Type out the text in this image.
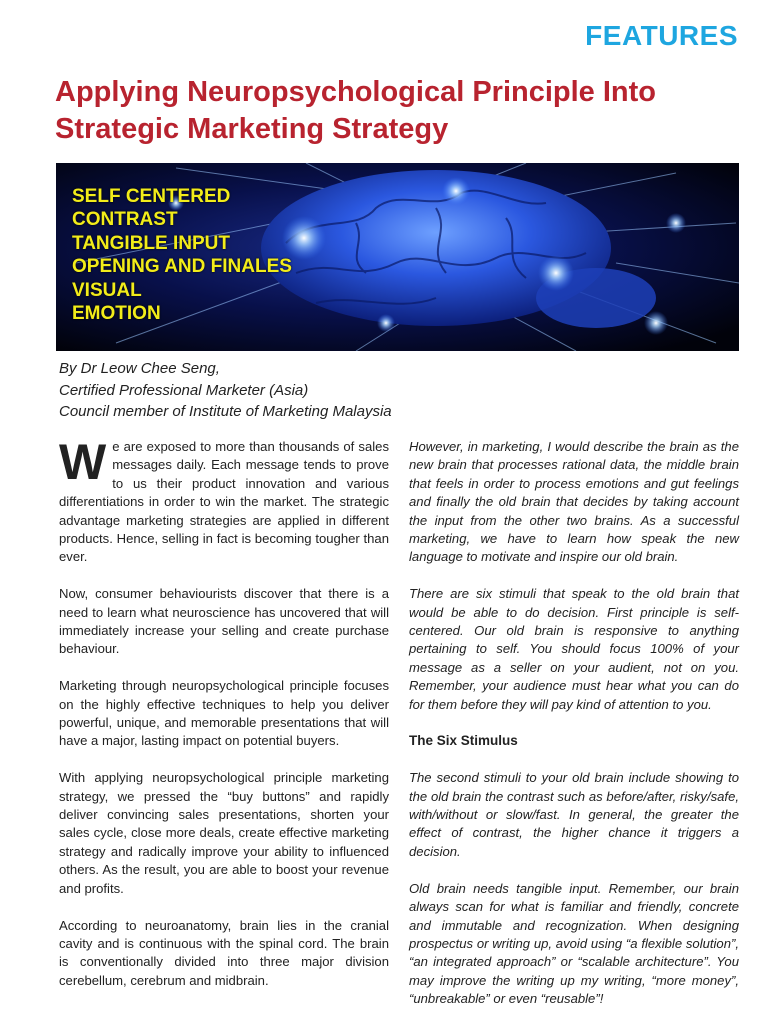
FEATURES
Applying Neuropsychological Principle Into Strategic Marketing Strategy
SELF CENTERED
CONTRAST
TANGIBLE INPUT
OPENING AND FINALES
VISUAL
EMOTION
By Dr Leow Chee Seng,
Certified Professional Marketer (Asia)
Council member of Institute of Marketing Malaysia

We are exposed to more than thousands of sales messages daily. Each message tends to prove to us their product innovation and various differentiations in order to win the market. The strategic advantage marketing strategies are applied in different products. Hence, selling in fact is becoming tougher than ever.

Now, consumer behaviourists discover that there is a need to learn what neuroscience has uncovered that will immediately increase your selling and create purchase behaviour.

Marketing through neuropsychological principle focuses on the highly effective techniques to help you deliver powerful, unique, and memorable presentations that will have a major, lasting impact on potential buyers.

With applying neuropsychological principle marketing strategy, we pressed the “buy buttons” and rapidly deliver convincing sales presentations, shorten your sales cycle, close more deals, create effective marketing strategy and radically improve your ability to influenced others. As the result, you are able to boost your revenue and profits.

According to neuroanatomy, brain lies in the cranial cavity and is continuous with the spinal cord. The brain is conventionally divided into three major division cerebellum, cerebrum and midbrain.

However, in marketing, I would describe the brain as the new brain that processes rational data, the middle brain that feels in order to process emotions and gut feelings and finally the old brain that decides by taking account the input from the other two brains. As a successful marketing, we have to learn how speak the new language to motivate and inspire our old brain.

There are six stimuli that speak to the old brain that would be able to do decision. First principle is self-centered. Our old brain is responsive to anything pertaining to self. You should focus 100% of your message as a seller on your audient, not on you. Remember, your audience must hear what you can do for them before they will pay kind of attention to you.

The Six Stimulus

The second stimuli to your old brain include showing to the old brain the contrast such as before/after, risky/safe, with/without or slow/fast. In general, the greater the effect of contrast, the higher chance it triggers a decision.

Old brain needs tangible input. Remember, our brain always scan for what is familiar and friendly, concrete and immutable and recognization. When designing prospectus or writing up, avoid using “a flexible solution”, “an integrated approach” or “scalable architecture”. You may improve the writing up my writing, “more money”, “unbreakable” or even “reusable”!
